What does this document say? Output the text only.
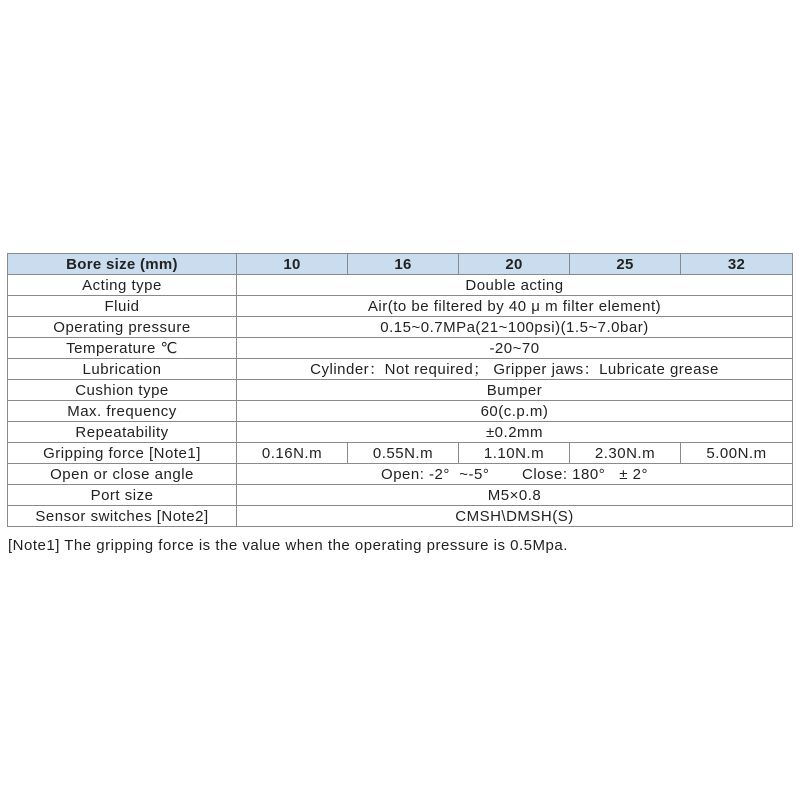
Bore size (mm)	10	16	20	25	32
Acting type	Double acting				
Fluid	Air(to be filtered by 40 μ m filter element)				
Operating pressure	0.15~0.7MPa(21~100psi)(1.5~7.0bar)				
Temperature ℃	-20~70				
Lubrication	Cylinder：Not required； Gripper jaws：Lubricate grease				
Cushion type	Bumper				
Max. frequency	60(c.p.m)				
Repeatability	±0.2mm				
Gripping force [Note1]	0.16N.m	0.55N.m	1.10N.m	2.30N.m	5.00N.m
Open or close angle	Open: -2°  ~-5°       Close: 180°   ± 2°				
Port size	M5×0.8				
Sensor switches [Note2]	CMSH\DMSH(S)				
[Note1] The gripping force is the value when the operating pressure is 0.5Mpa.
